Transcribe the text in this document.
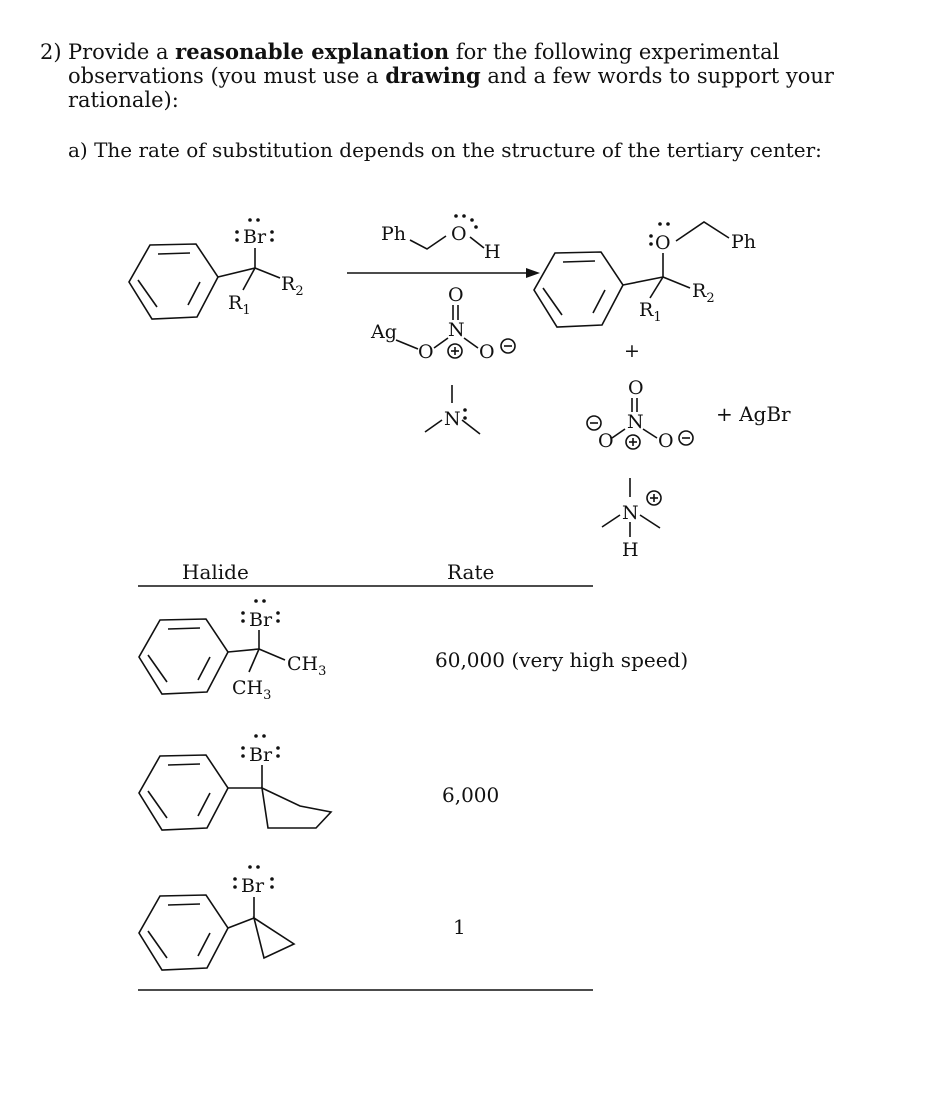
2) Provide a reasonable explanation for the following experimental observations (you must use a drawing and a few words to support your rationale):
a) The rate of substitution depends on the structure of the tertiary center:
Br
$R_2$
$R_1$
Ph O
H
Ag
O
N
O
O
N
O	Ph
$R_2$
$R_1$
+
O
N
O O
+ AgBr
N
H
Br
$CH_3$
$CH_3$
Br
Br
Halide	Rate
60,000 (very high speed)
6,000
1
